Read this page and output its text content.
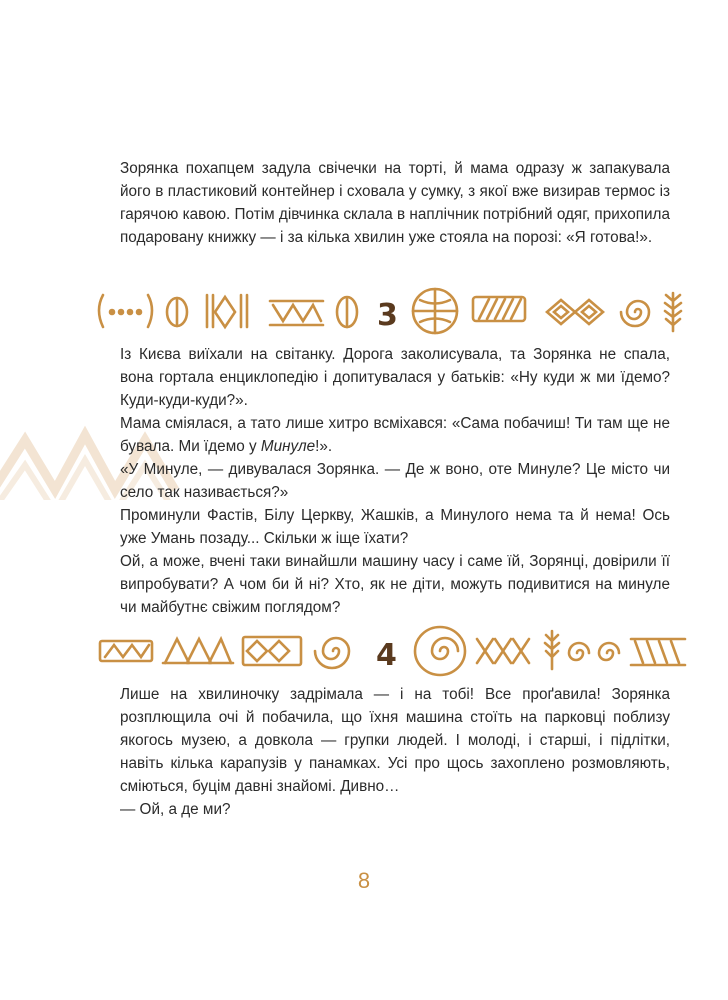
Зорянка похапцем задула свічечки на торті, й мама одразу ж запакувала його в пластиковий контейнер і сховала у сумку, з якої вже визирав термос із гарячою кавою. Потім дівчинка склала в наплічник потрібний одяг, прихопила подаровану книжку — і за кілька хвилин уже стояла на порозі: «Я готова!».

3

Із Києва виїхали на світанку. Дорога заколисувала, та Зорянка не спала, вона гортала енциклопедію і допитувалася у батьків: «Ну куди ж ми їдемо? Куди-куди-куди?».

Мама сміялася, а тато лише хитро всміхався: «Сама побачиш! Ти там ще не бувала. Ми їдемо у Минуле!».

«У Минуле, — дивувалася Зорянка. — Де ж воно, оте Минуле? Це місто чи село так називається?»

Проминули Фастів, Білу Церкву, Жашків, а Минулого нема та й нема! Ось уже Умань позаду... Скільки ж іще їхати?

Ой, а може, вчені таки винайшли машину часу і саме їй, Зорянці, довірили її випробувати? А чом би й ні? Хто, як не діти, можуть подивитися на минуле чи майбутнє свіжим поглядом?

4

Лише на хвилиночку задрімала — і на тобі! Все проґавила! Зорянка розплющила очі й побачила, що їхня машина стоїть на парковці поблизу якогось музею, а довкола — групки людей. І молоді, і старші, і підлітки, навіть кілька карапузів у панамках. Усі про щось захоплено розмовляють, сміються, буцім давні знайомі. Дивно…

— Ой, а де ми?

8
